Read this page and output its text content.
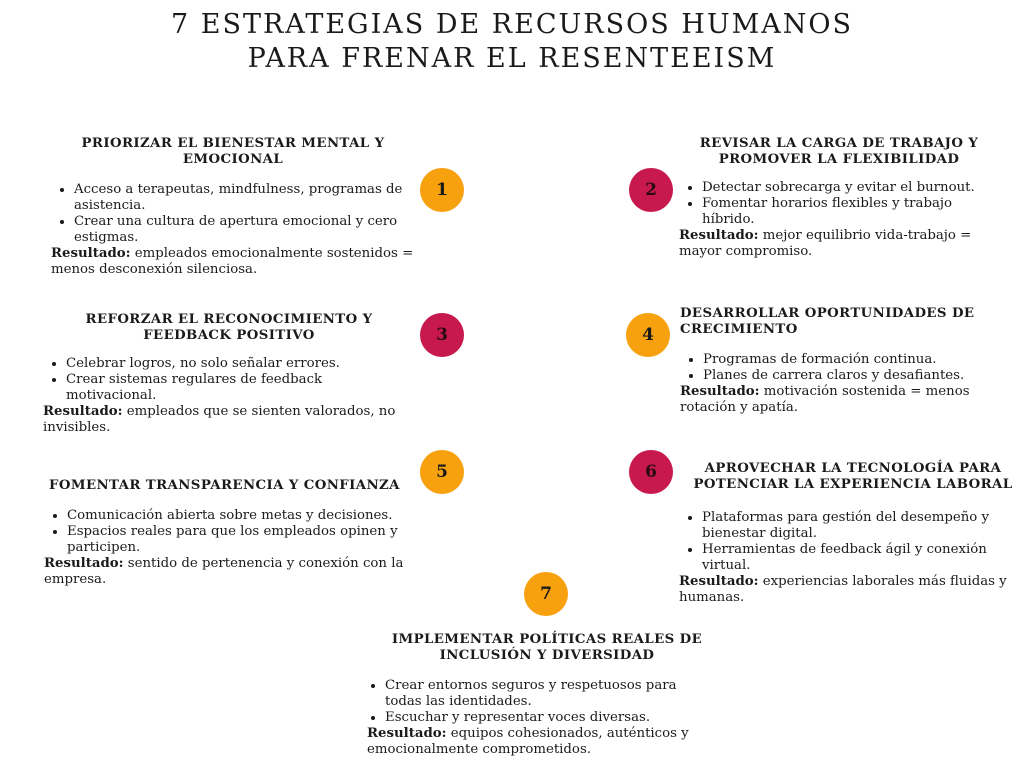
7 ESTRATEGIAS DE RECURSOS HUMANOS
PARA FRENAR EL RESENTEEISM
1	2
3	4
5	6
7
PRIORIZAR EL BIENESTAR MENTAL Y
EMOCIONAL
• Acceso a terapeutas, mindfulness, programas de asistencia.
• Crear una cultura de apertura emocional y cero estigmas.
Resultado: empleados emocionalmente sostenidos = menos desconexión silenciosa.
REVISAR LA CARGA DE TRABAJO Y
PROMOVER LA FLEXIBILIDAD
• Detectar sobrecarga y evitar el burnout.
• Fomentar horarios flexibles y trabajo híbrido.
Resultado: mejor equilibrio vida-trabajo = mayor compromiso.
REFORZAR EL RECONOCIMIENTO Y
FEEDBACK POSITIVO
• Celebrar logros, no solo señalar errores.
• Crear sistemas regulares de feedback motivacional.
Resultado: empleados que se sienten valorados, no invisibles.
DESARROLLAR OPORTUNIDADES DE
CRECIMIENTO
• Programas de formación continua.
• Planes de carrera claros y desafiantes.
Resultado: motivación sostenida = menos rotación y apatía.
FOMENTAR TRANSPARENCIA Y CONFIANZA
• Comunicación abierta sobre metas y decisiones.
• Espacios reales para que los empleados opinen y participen.
Resultado: sentido de pertenencia y conexión con la empresa.
APROVECHAR LA TECNOLOGÍA PARA
POTENCIAR LA EXPERIENCIA LABORAL
• Plataformas para gestión del desempeño y bienestar digital.
• Herramientas de feedback ágil y conexión virtual.
Resultado: experiencias laborales más fluidas y humanas.
IMPLEMENTAR POLÍTICAS REALES DE
INCLUSIÓN Y DIVERSIDAD
• Crear entornos seguros y respetuosos para todas las identidades.
• Escuchar y representar voces diversas.
Resultado: equipos cohesionados, auténticos y emocionalmente comprometidos.
